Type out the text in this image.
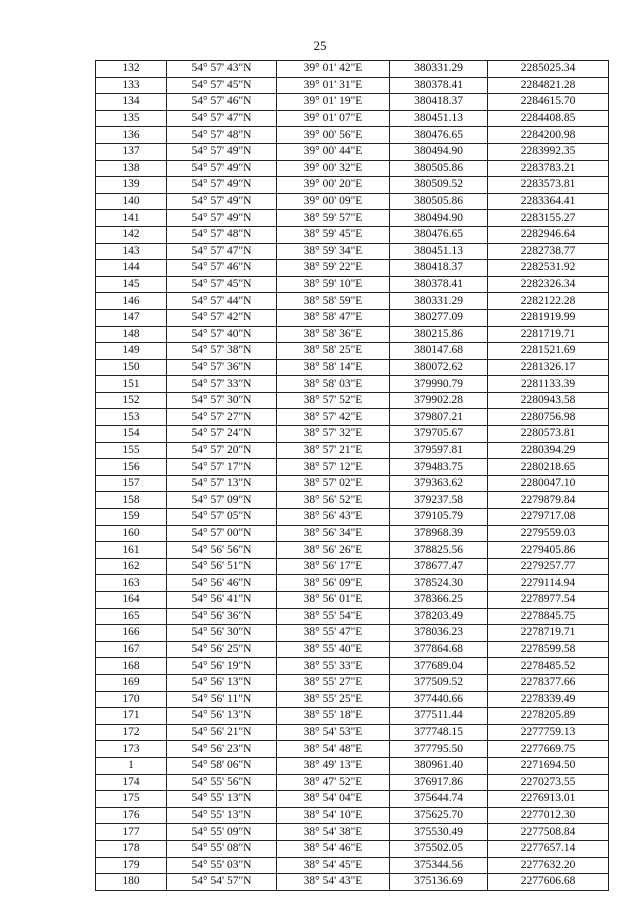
25
132	54° 57' 43"N	39° 01' 42"E	380331.29	2285025.34
133	54° 57' 45"N	39° 01' 31"E	380378.41	2284821.28
134	54° 57' 46"N	39° 01' 19"E	380418.37	2284615.70
135	54° 57' 47"N	39° 01' 07"E	380451.13	2284408.85
136	54° 57' 48"N	39° 00' 56"E	380476.65	2284200.98
137	54° 57' 49"N	39° 00' 44"E	380494.90	2283992.35
138	54° 57' 49"N	39° 00' 32"E	380505.86	2283783.21
139	54° 57' 49"N	39° 00' 20"E	380509.52	2283573.81
140	54° 57' 49"N	39° 00' 09"E	380505.86	2283364.41
141	54° 57' 49"N	38° 59' 57"E	380494.90	2283155.27
142	54° 57' 48"N	38° 59' 45"E	380476.65	2282946.64
143	54° 57' 47"N	38° 59' 34"E	380451.13	2282738.77
144	54° 57' 46"N	38° 59' 22"E	380418.37	2282531.92
145	54° 57' 45"N	38° 59' 10"E	380378.41	2282326.34
146	54° 57' 44"N	38° 58' 59"E	380331.29	2282122.28
147	54° 57' 42"N	38° 58' 47"E	380277.09	2281919.99
148	54° 57' 40"N	38° 58' 36"E	380215.86	2281719.71
149	54° 57' 38"N	38° 58' 25"E	380147.68	2281521.69
150	54° 57' 36"N	38° 58' 14"E	380072.62	2281326.17
151	54° 57' 33"N	38° 58' 03"E	379990.79	2281133.39
152	54° 57' 30"N	38° 57' 52"E	379902.28	2280943.58
153	54° 57' 27"N	38° 57' 42"E	379807.21	2280756.98
154	54° 57' 24"N	38° 57' 32"E	379705.67	2280573.81
155	54° 57' 20"N	38° 57' 21"E	379597.81	2280394.29
156	54° 57' 17"N	38° 57' 12"E	379483.75	2280218.65
157	54° 57' 13"N	38° 57' 02"E	379363.62	2280047.10
158	54° 57' 09"N	38° 56' 52"E	379237.58	2279879.84
159	54° 57' 05"N	38° 56' 43"E	379105.79	2279717.08
160	54° 57' 00"N	38° 56' 34"E	378968.39	2279559.03
161	54° 56' 56"N	38° 56' 26"E	378825.56	2279405.86
162	54° 56' 51"N	38° 56' 17"E	378677.47	2279257.77
163	54° 56' 46"N	38° 56' 09"E	378524.30	2279114.94
164	54° 56' 41"N	38° 56' 01"E	378366.25	2278977.54
165	54° 56' 36"N	38° 55' 54"E	378203.49	2278845.75
166	54° 56' 30"N	38° 55' 47"E	378036.23	2278719.71
167	54° 56' 25"N	38° 55' 40"E	377864.68	2278599.58
168	54° 56' 19"N	38° 55' 33"E	377689.04	2278485.52
169	54° 56' 13"N	38° 55' 27"E	377509.52	2278377.66
170	54° 56' 11"N	38° 55' 25"E	377440.66	2278339.49
171	54° 56' 13"N	38° 55' 18"E	377511.44	2278205.89
172	54° 56' 21"N	38° 54' 53"E	377748.15	2277759.13
173	54° 56' 23"N	38° 54' 48"E	377795.50	2277669.75
1	54° 58' 06"N	38° 49' 13"E	380961.40	2271694.50
174	54° 55' 56"N	38° 47' 52"E	376917.86	2270273.55
175	54° 55' 13"N	38° 54' 04"E	375644.74	2276913.01
176	54° 55' 13"N	38° 54' 10"E	375625.70	2277012.30
177	54° 55' 09"N	38° 54' 38"E	375530.49	2277508.84
178	54° 55' 08"N	38° 54' 46"E	375502.05	2277657.14
179	54° 55' 03"N	38° 54' 45"E	375344.56	2277632.20
180	54° 54' 57"N	38° 54' 43"E	375136.69	2277606.68
